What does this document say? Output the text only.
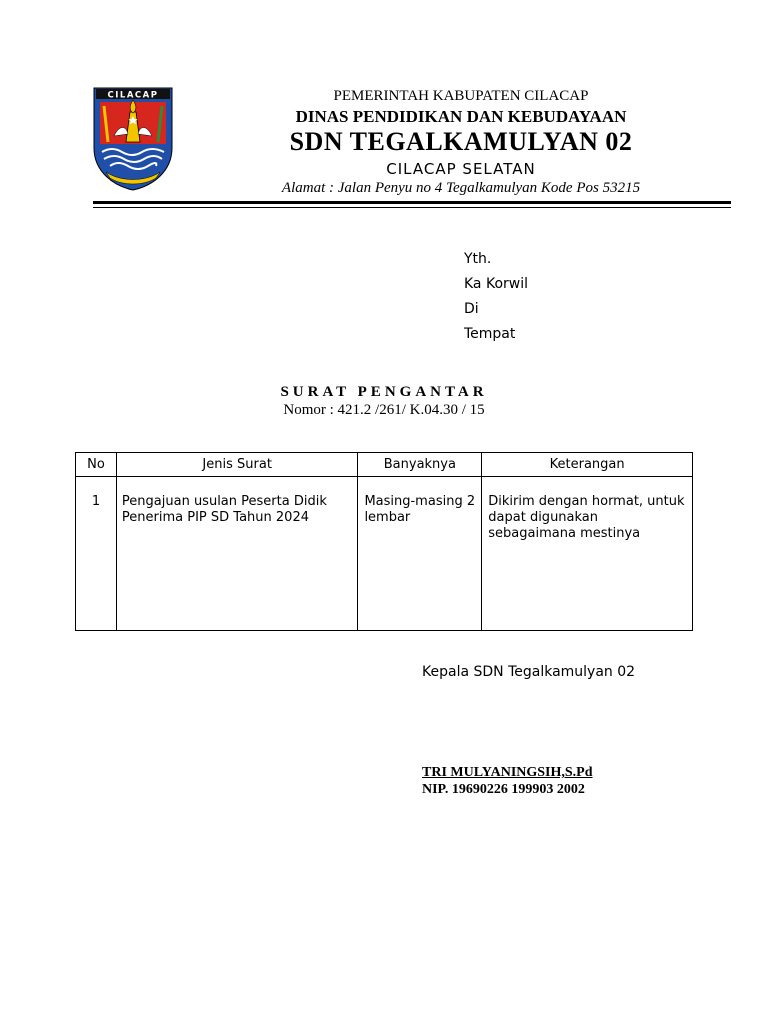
CILACAP	PEMERINTAH KABUPATEN CILACAP
DINAS PENDIDIKAN DAN KEBUDAYAAN
SDN TEGALKAMULYAN 02
CILACAP SELATAN
Alamat : Jalan Penyu no 4 Tegalkamulyan Kode Pos 53215
Yth.
Ka Korwil
Di
Tempat
SURAT PENGANTAR
Nomor : 421.2 /261/ K.04.30 / 15
No	Jenis Surat	Banyaknya	Keterangan
1	Pengajuan usulan Peserta Didik Penerima PIP SD Tahun 2024	Masing-masing 2 lembar	Dikirim dengan hormat, untuk dapat digunakan sebagaimana mestinya
Kepala SDN Tegalkamulyan 02
TRI MULYANINGSIH,S.Pd
NIP. 19690226 199903 2002
